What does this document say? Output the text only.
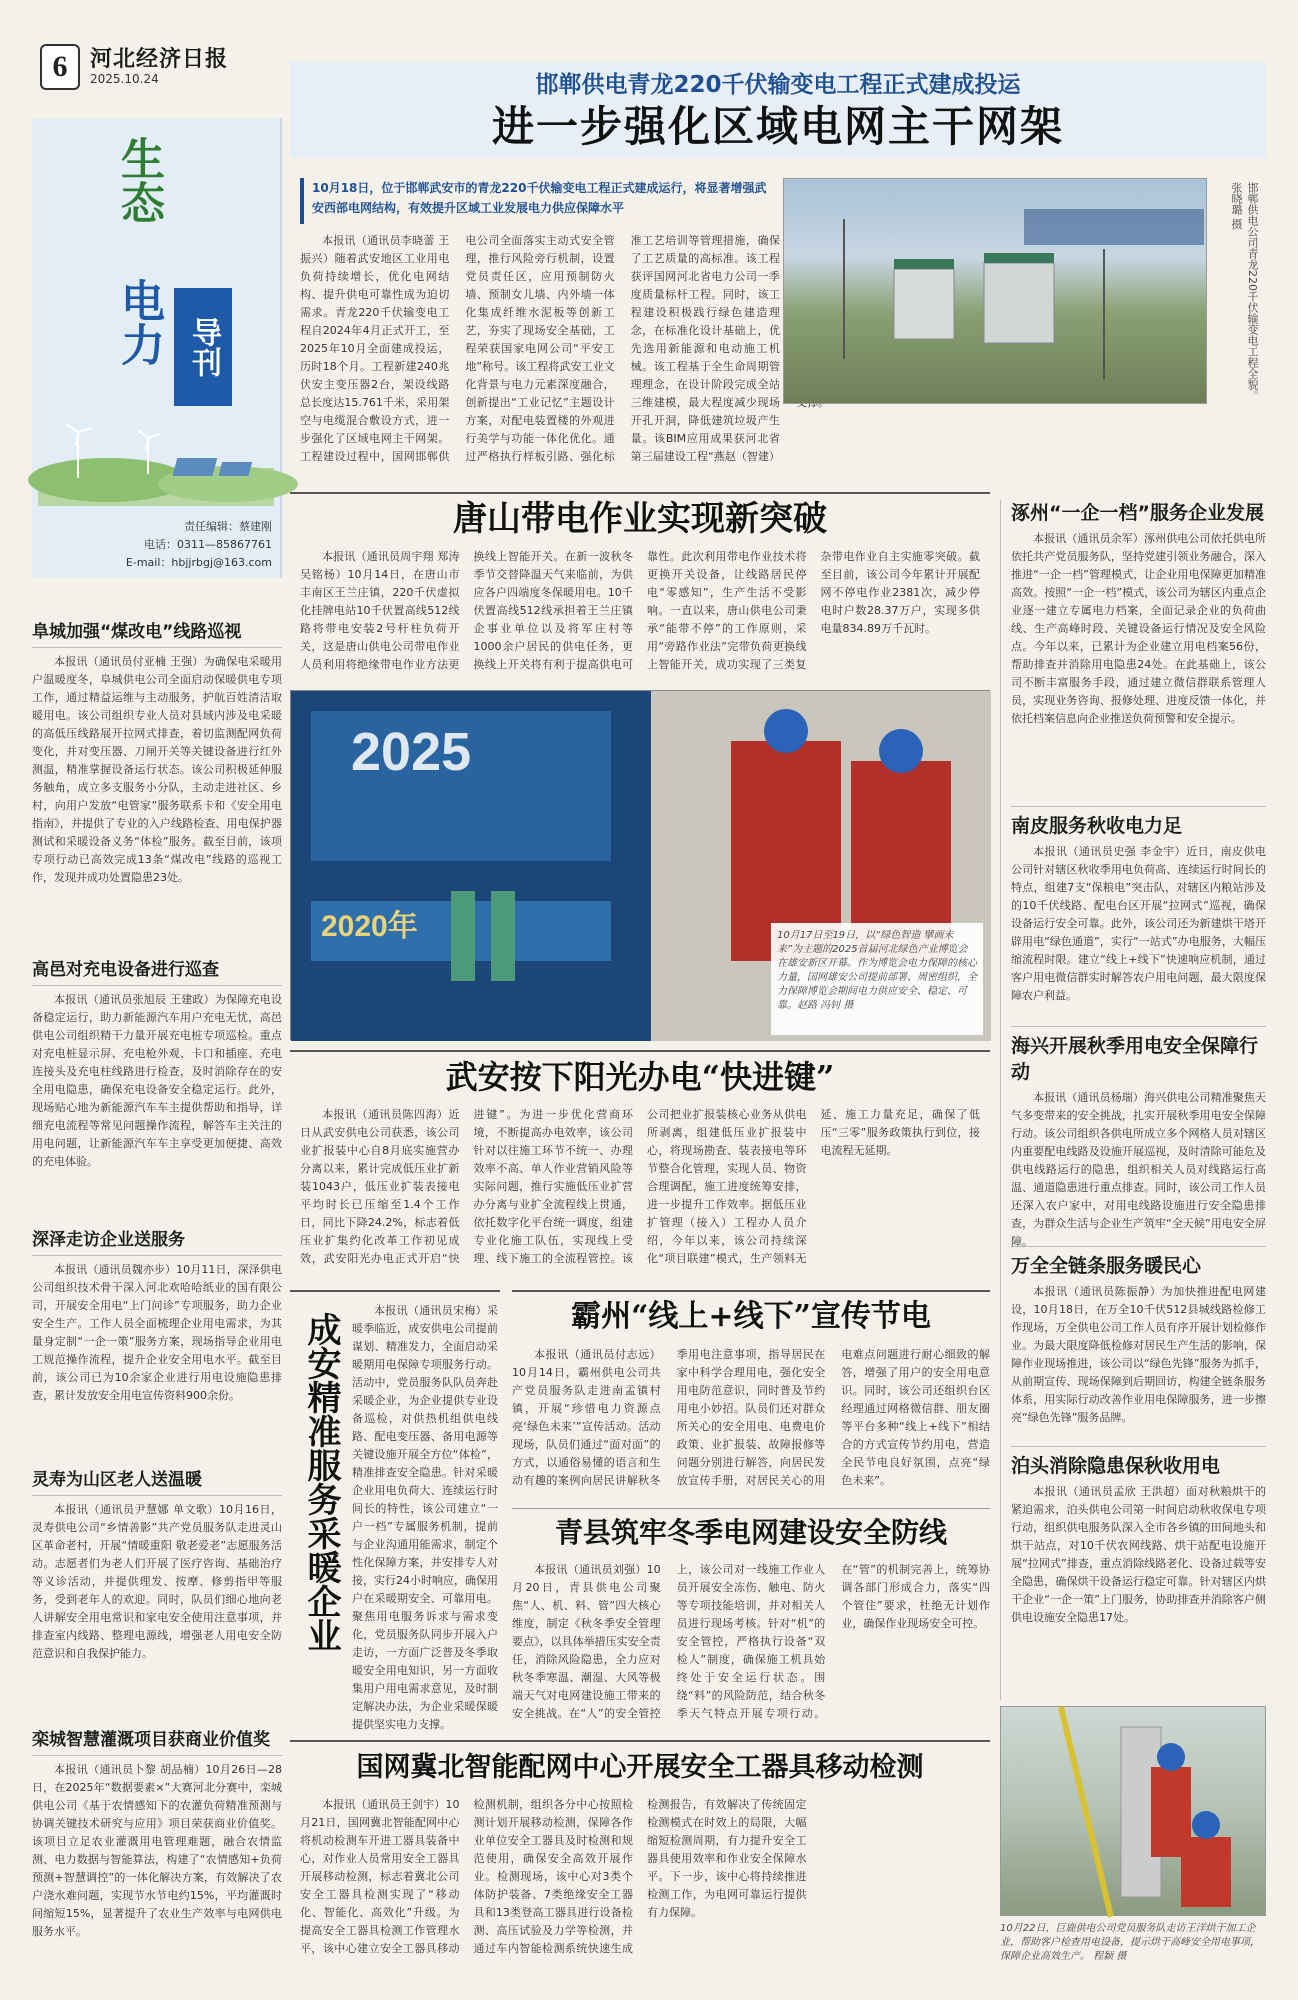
6	河北经济日报
2025.10.24
生态
电力 导刊
责任编辑：蔡建刚
电话：0311—85867761
E-mail：hbjjrbgj@163.com
阜城加强“煤改电”线路巡视
本报讯（通讯员付亚楠 王强）为确保电采暖用户温暖度冬，阜城供电公司全面启动保暖供电专项工作，通过精益运维与主动服务，护航百姓清洁取暖用电。该公司组织专业人员对县域内涉及电采暖的高低压线路展开拉网式排查，着切监测配网负荷变化，并对变压器、刀闸开关等关键设备进行红外测温，精准掌握设备运行状态。该公司积极延伸服务触角，成立多支服务小分队，主动走进社区、乡村，向用户发放“电管家”服务联系卡和《安全用电指南》，并提供了专业的入户线路检查、用电保护器测试和采暖设备义务“体检”服务。截至目前，该项专项行动已高效完成13条“煤改电”线路的巡视工作，发现并成功处置隐患23处。
高邑对充电设备进行巡查
本报讯（通讯员张旭辰 王建政）为保障充电设备稳定运行，助力新能源汽车用户充电无忧，高邑供电公司组织精干力量开展充电桩专项巡检。重点对充电桩显示屏、充电枪外观、卡口和插座、充电连接头及充电柱线路进行检查，及时消除存在的安全用电隐患，确保充电设备安全稳定运行。此外，现场贴心地为新能源汽车车主提供帮助和指导，详细充电流程等常见问题操作流程，解答车主关注的用电问题，让新能源汽车车主享受更加便捷、高效的充电体验。
深泽走访企业送服务
本报讯（通讯员魏亦步）10月11日，深泽供电公司组织技术骨干深入河北欢哈哈纸业的国有限公司，开展安全用电“上门问诊”专项服务，助力企业安全生产。工作人员全面梳理企业用电需求，为其量身定制“一企一策”服务方案，现场指导企业用电工规范操作流程，提升企业安全用电水平。截至目前，该公司已为10余家企业进行用电设施隐患排查，累计发放安全用电宣传资料900余份。
灵寿为山区老人送温暖
本报讯（通讯员尹慧娜 单文歌）10月16日，灵寿供电公司“乡情善影”共产党员服务队走进灵山区革命老村，开展“情暖重阳 敬老爱老”志愿服务活动。志愿者们为老人们开展了医疗咨询、基础治疗等义诊活动，并提供理发、按摩、修剪指甲等服务，受到老年人的欢迎。同时，队员们细心地向老人讲解安全用电常识和家电安全使用注意事项，并排查室内线路、整理电源线，增强老人用电安全防范意识和自我保护能力。
栾城智慧灌溉项目获商业价值奖
本报讯（通讯员卜黎 胡品楠）10月26日—28日，在2025年“数据要素×”大赛河北分赛中，栾城供电公司《基于农情感知下的农灌负荷精准预测与协调关键技术研究与应用》项目荣获商业价值奖。该项目立足农业灌溉用电管理难题，融合农情监测、电力数据与智能算法，构建了“农情感知+负荷预测+智慧调控”的一体化解决方案，有效解决了农户浇水难问题，实现节水节电约15%，平均灌溉时间缩短15%，显著提升了农业生产效率与电网供电服务水平。
邯郸供电青龙220千伏输变电工程正式建成投运
进一步强化区域电网主干网架
10月18日，位于邯郸武安市的青龙220千伏输变电工程正式建成运行，将显著增强武安西部电网结构，有效提升区域工业发展电力供应保障水平
本报讯（通讯员李晓蕾 王振兴）随着武安地区工业用电负荷持续增长，优化电网结构、提升供电可靠性成为迫切需求。青龙220千伏输变电工程自2024年4月正式开工，至2025年10月全面建成投运，历时18个月。工程新建240兆伏安主变压器2台，架设线路总长度达15.761千米，采用架空与电缆混合敷设方式，进一步强化了区域电网主干网架。工程建设过程中，国网邯郸供电公司全面落实主动式安全管理，推行风险旁行机制，设置党员责任区，应用预制防火墙、预制女儿墙、内外墙一体化集成纤维水泥板等创新工艺，夯实了现场安全基础，工程荣获国家电网公司“平安工地”称号。该工程将武安工业文化背景与电力元素深度融合，创新提出“工业记忆”主题设计方案，对配电装置楼的外观进行美学与功能一体化优化。通过严格执行样板引路、强化标准工艺培训等管理措施，确保了工艺质量的高标准。该工程获评国网河北省电力公司一季度质量标杆工程。同时，该工程建设积极践行绿色建造理念，在标准化设计基础上，优先选用新能源和电动施工机械。该工程基于全生命周期管理理念，在设计阶段完成全站三维建模，最大程度减少现场开孔开洞，降低建筑垃圾产生量。该BIM应用成果获河北省第三届建设工程“燕赵（智建）
邯郸供电公司青龙220千伏输变电工程全貌。张晓璐 摄
唐山带电作业实现新突破
本报讯（通讯员周宇翔 郑涛 吴铭杨）10月14日，在唐山市丰南区王兰庄镇，220千伏虚拟化挂牌电站10千伏置高线512线路将带电安装2号杆柱负荷开关，这是唐山供电公司带电作业人员利用将绝缘带电作业方法更换线上智能开关。在新一波秋冬季节交替降温天气来临前，为供应各户四端度冬保暖用电。10千伏置高线512线承担着王兰庄镇企事业单位以及将军庄村等1000余户居民的供电任务，更换线上开关将有利于提高供电可靠性。此次利用带电作业技术将更换开关设备，让线路居民停电“零感知”，生产生活不受影响。一直以来，唐山供电公司秉承“能带不停”的工作原则，采用“旁路作业法”完带负荷更换线上智能开关，成功实现了三类复杂带电作业自主实施零突破。截至目前，该公司今年累计开展配网不停电作业2381次，减少停电时户数28.37万户，实现多供电量834.89万千瓦时。
2025
2020年	10月17日至19日，以“绿色智造 擘画未来”为主题的2025首届河北绿色产业博览会在雄安新区开幕。作为博览会电力保障的核心力量，国网雄安公司提前部署、周密组织，全力保障博览会期间电力供应安全、稳定、可靠。赵路 冯钊 摄
武安按下阳光办电“快进键”
本报讯（通讯员陈四海）近日从武安供电公司获悉，该公司业扩报装中心自8月底实施营办分离以来，累计完成低压业扩新装1043户，低压业扩装表接电平均时长已压缩至1.4个工作日，同比下降24.2%，标志着低压业扩集约化改革工作初见成效，武安阳光办电正式开启“快进键”。为进一步优化营商环境，不断提高办电效率，该公司针对以往施工环节不统一、办理效率不高、单人作业营销风险等实际问题，推行实施低压业扩营办分离与业扩全流程线上贯通，依托数字化平台统一调度，组建专业化施工队伍，实现线上受理、线下施工的全流程管控。该公司把业扩报装核心业务从供电所剥离，组建低压业扩报装中心，将现场勘查、装表接电等环节整合化管理，实现人员、物资合理调配，施工进度统筹安排，进一步提升工作效率。据低压业扩管理（接入）工程办人员介绍，今年以来，该公司持续深化“项目联建”模式，生产领料无延、施工力量充足，确保了低压“三零”服务政策执行到位，接电流程无延期。
成安精准服务采暖企业
本报讯（通讯员宋梅）采暖季临近，成安供电公司提前谋划、精准发力，全面启动采暖期用电保障专项服务行动。活动中，党员服务队队员奔赴采暖企业，为企业提供专业设备巡检，对供热机组供电线路、配电变压器、备用电源等关键设施开展全方位“体检”，精准排查安全隐患。针对采暖企业用电负荷大、连续运行时间长的特性，该公司建立“一户一档”专属服务机制，提前与企业沟通用能需求，制定个性化保障方案，并安排专人对接，实行24小时响应，确保用户在采暖期安全、可靠用电。聚焦用电服务诉求与需求变化，党员服务队同步开展入户走访，一方面广泛普及冬季取暖安全用电知识，另一方面收集用户用电需求意见，及时制定解决办法，为企业采暖保暖提供坚实电力支撑。
霸州“线上+线下”宣传节电
本报讯（通讯员付志远）10月14日，霸州供电公司共产党员服务队走进南孟镇村镇，开展“珍惜电力资源点亮‘绿色未来’”宣传活动。活动现场，队员们通过“面对面”的方式，以通俗易懂的语言和生动有趣的案例向居民讲解秋冬季用电注意事项，指导居民在家中科学合理用电，强化安全用电防范意识，同时普及节约用电小妙招。队员们还对群众所关心的安全用电、电费电价政策、业扩报装、故障报修等问题分别进行解答，向居民发放宣传手册，对居民关心的用电难点问题进行耐心细致的解答，增强了用户的安全用电意识。同时，该公司还组织台区经理通过网格微信群、朋友圈等平台多种“线上+线下”相结合的方式宣传节约用电，营造全民节电良好氛围，点亮“绿色未来”。
青县筑牢冬季电网建设安全防线
本报讯（通讯员刘强）10月20日，青县供电公司聚焦“人、机、料、管”四大核心维度，制定《秋冬季安全管理要点》，以具体举措压实安全责任，消除风险隐患，全力应对秋冬季寒温、潮湿、大风等极端天气对电网建设施工带来的安全挑战。在“人”的安全管控上，该公司对一线施工作业人员开展安全冻伤、触电、防火等专项技能培训，并对相关人员进行现场考核。针对“机”的安全管控，严格执行设备“双检人”制度，确保施工机具始终处于安全运行状态。围绕“料”的风险防范，结合秋冬季天气特点开展专项行动。在“管”的机制完善上，统筹协调各部门形成合力，落实“四个管住”要求，杜绝无计划作业，确保作业现场安全可控。
涿州“一企一档”服务企业发展
本报讯（通讯员余军）涿州供电公司依托供电所依托共产党员服务队，坚持党建引领业务融合，深入推进“一企一档”管理模式，让企业用电保障更加精准高效。按照“一企一档”模式，该公司为辖区内重点企业逐一建立专属电力档案，全面记录企业的负荷曲线、生产高峰时段、关键设备运行情况及安全风险点。今年以来，已累计为企业建立用电档案56份，帮助排查并消除用电隐患24处。在此基础上，该公司不断丰富服务手段，通过建立微信群联系管理人员，实现业务咨询、报修处理、进度反馈一体化，并依托档案信息向企业推送负荷预警和安全提示。
南皮服务秋收电力足
本报讯（通讯员史强 李金宇）近日，南皮供电公司针对辖区秋收季用电负荷高、连续运行时间长的特点，组建7支“保粮电”突击队，对辖区内粮站涉及的10千伏线路、配电台区开展“拉网式”巡视，确保设备运行安全可靠。此外，该公司还为新建烘干塔开辟用电“绿色通道”，实行“一站式”办电服务，大幅压缩流程时限。建立“线上+线下”快速响应机制，通过客户用电微信群实时解答农户用电问题，最大限度保障农户利益。
海兴开展秋季用电安全保障行动
本报讯（通讯员杨瑞）海兴供电公司精准聚焦天气多变带来的安全挑战，扎实开展秋季用电安全保障行动。该公司组织各供电所成立多个网格人员对辖区内重要配电线路及设施开展巡视，及时清除可能危及供电线路运行的隐患，组织相关人员对线路运行高温、通道隐患进行重点排查。同时，该公司工作人员还深入农户家中，对用电线路设施进行安全隐患排查，为群众生活与企业生产筑牢“全天候”用电安全屏障。
万全全链条服务暖民心
本报讯（通讯员陈振静）为加快推进配电网建设，10月18日，在万全10千伏512县城线路检修工作现场，万全供电公司工作人员有序开展计划检修作业。为最大限度降低检修对居民生产生活的影响，保障作业现场推进，该公司以“绿色先锋”服务为抓手，从前期宣传、现场保障到后期回访，构建全链条服务体系，用实际行动改善作业用电保障服务，进一步擦亮“绿色先锋”服务品牌。
泊头消除隐患保秋收用电
本报讯（通讯员孟欣 王洪超）面对秋粮烘干的紧迫需求，泊头供电公司第一时间启动秋收保电专项行动，组织供电服务队深入全市各乡镇的田间地头和烘干站点，对10千伏农网线路、烘干站配电设施开展“拉网式”排查，重点消除线路老化、设备过载等安全隐患，确保烘干设备运行稳定可靠。针对辖区内烘干企业“一企一策”上门服务，协助排查并消除客户侧供电设施安全隐患17处。
国网冀北智能配网中心开展安全工器具移动检测
本报讯（通讯员王剑宇）10月21日，国网冀北智能配网中心将机动检测车开进工器具装备中心，对作业人员常用安全工器具开展移动检测，标志着冀北公司安全工器具检测实现了“移动化、智能化、高效化”升级。为提高安全工器具检测工作管理水平，该中心建立安全工器具移动检测机制，组织各分中心按照检测计划开展移动检测，保障各作业单位安全工器具及时检测和规范使用，确保安全高效开展作业。检测现场，该中心对3类个体防护装备、7类绝缘安全工器具和13类登高工器具进行设备检测、高压试验及力学等检测，并通过车内智能检测系统快速生成检测报告，有效解决了传统固定检测模式在时效上的局限，大幅缩短检测周期，有力提升安全工器具使用效率和作业安全保障水平。下一步，该中心将持续推进检测工作，为电网可靠运行提供有力保障。
10月22日，巨鹿供电公司党员服务队走访王洋烘干加工企业，帮助客户检查用电设备，提示烘干高峰安全用电事项，保障企业高效生产。 程颖 摄
